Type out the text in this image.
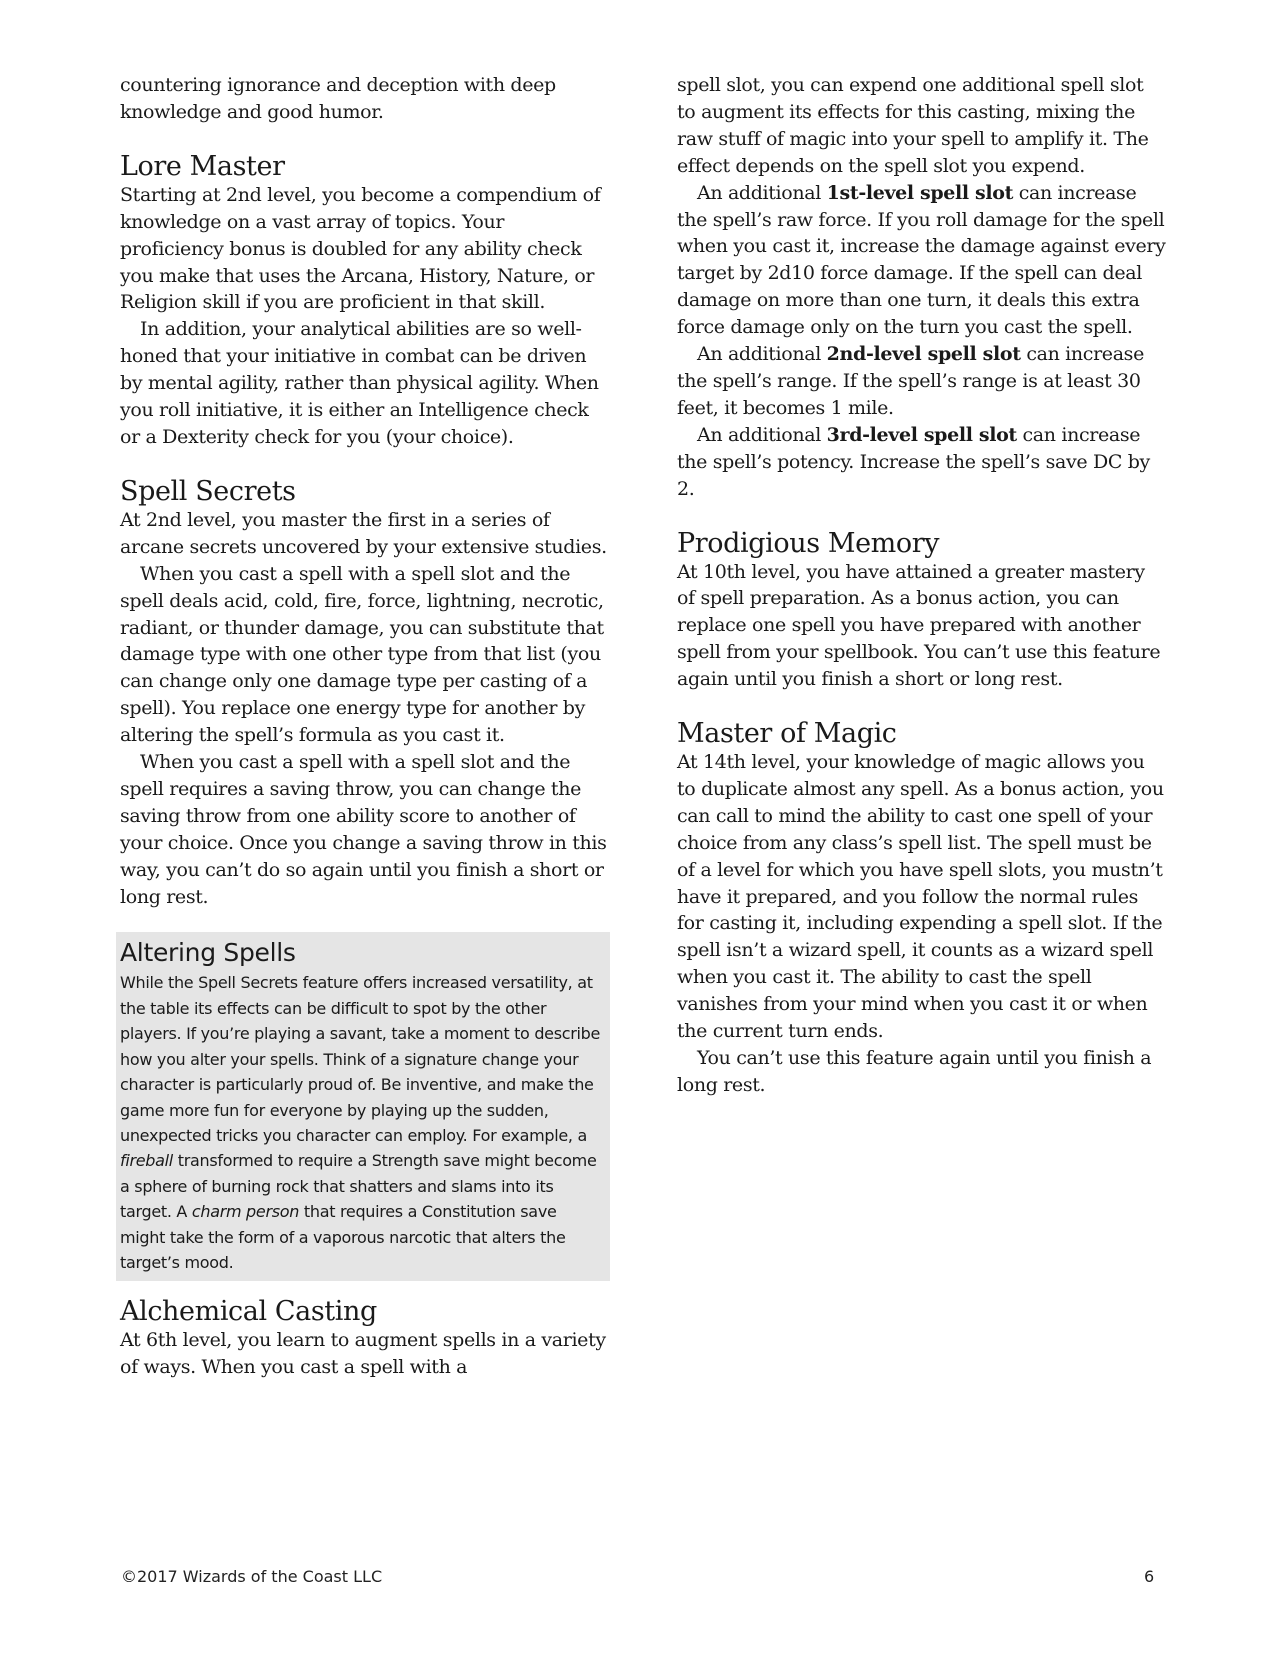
countering ignorance and deception with deep knowledge and good humor.

Lore Master

Starting at 2nd level, you become a compendium of knowledge on a vast array of topics. Your proficiency bonus is doubled for any ability check you make that uses the Arcana, History, Nature, or Religion skill if you are proficient in that skill.

In addition, your analytical abilities are so well-honed that your initiative in combat can be driven by mental agility, rather than physical agility. When you roll initiative, it is either an Intelligence check or a Dexterity check for you (your choice).

Spell Secrets

At 2nd level, you master the first in a series of arcane secrets uncovered by your extensive studies.

When you cast a spell with a spell slot and the spell deals acid, cold, fire, force, lightning, necrotic, radiant, or thunder damage, you can substitute that damage type with one other type from that list (you can change only one damage type per casting of a spell). You replace one energy type for another by altering the spell’s formula as you cast it.

When you cast a spell with a spell slot and the spell requires a saving throw, you can change the saving throw from one ability score to another of your choice. Once you change a saving throw in this way, you can’t do so again until you finish a short or long rest.

Altering Spells

While the Spell Secrets feature offers increased versatility, at the table its effects can be difficult to spot by the other players. If you’re playing a savant, take a moment to describe how you alter your spells. Think of a signature change your character is particularly proud of. Be inventive, and make the game more fun for everyone by playing up the sudden, unexpected tricks you character can employ. For example, a fireball transformed to require a Strength save might become a sphere of burning rock that shatters and slams into its target. A charm person that requires a Constitution save might take the form of a vaporous narcotic that alters the target’s mood.

Alchemical Casting

At 6th level, you learn to augment spells in a variety of ways. When you cast a spell with a

spell slot, you can expend one additional spell slot to augment its effects for this casting, mixing the raw stuff of magic into your spell to amplify it. The effect depends on the spell slot you expend.

An additional 1st-level spell slot can increase the spell’s raw force. If you roll damage for the spell when you cast it, increase the damage against every target by 2d10 force damage. If the spell can deal damage on more than one turn, it deals this extra force damage only on the turn you cast the spell.

An additional 2nd-level spell slot can increase the spell’s range. If the spell’s range is at least 30 feet, it becomes 1 mile.

An additional 3rd-level spell slot can increase the spell’s potency. Increase the spell’s save DC by 2.

Prodigious Memory

At 10th level, you have attained a greater mastery of spell preparation. As a bonus action, you can replace one spell you have prepared with another spell from your spellbook. You can’t use this feature again until you finish a short or long rest.

Master of Magic

At 14th level, your knowledge of magic allows you to duplicate almost any spell. As a bonus action, you can call to mind the ability to cast one spell of your choice from any class’s spell list. The spell must be of a level for which you have spell slots, you mustn’t have it prepared, and you follow the normal rules for casting it, including expending a spell slot. If the spell isn’t a wizard spell, it counts as a wizard spell when you cast it. The ability to cast the spell vanishes from your mind when you cast it or when the current turn ends.

You can’t use this feature again until you finish a long rest.

©2017 Wizards of the Coast LLC	6
